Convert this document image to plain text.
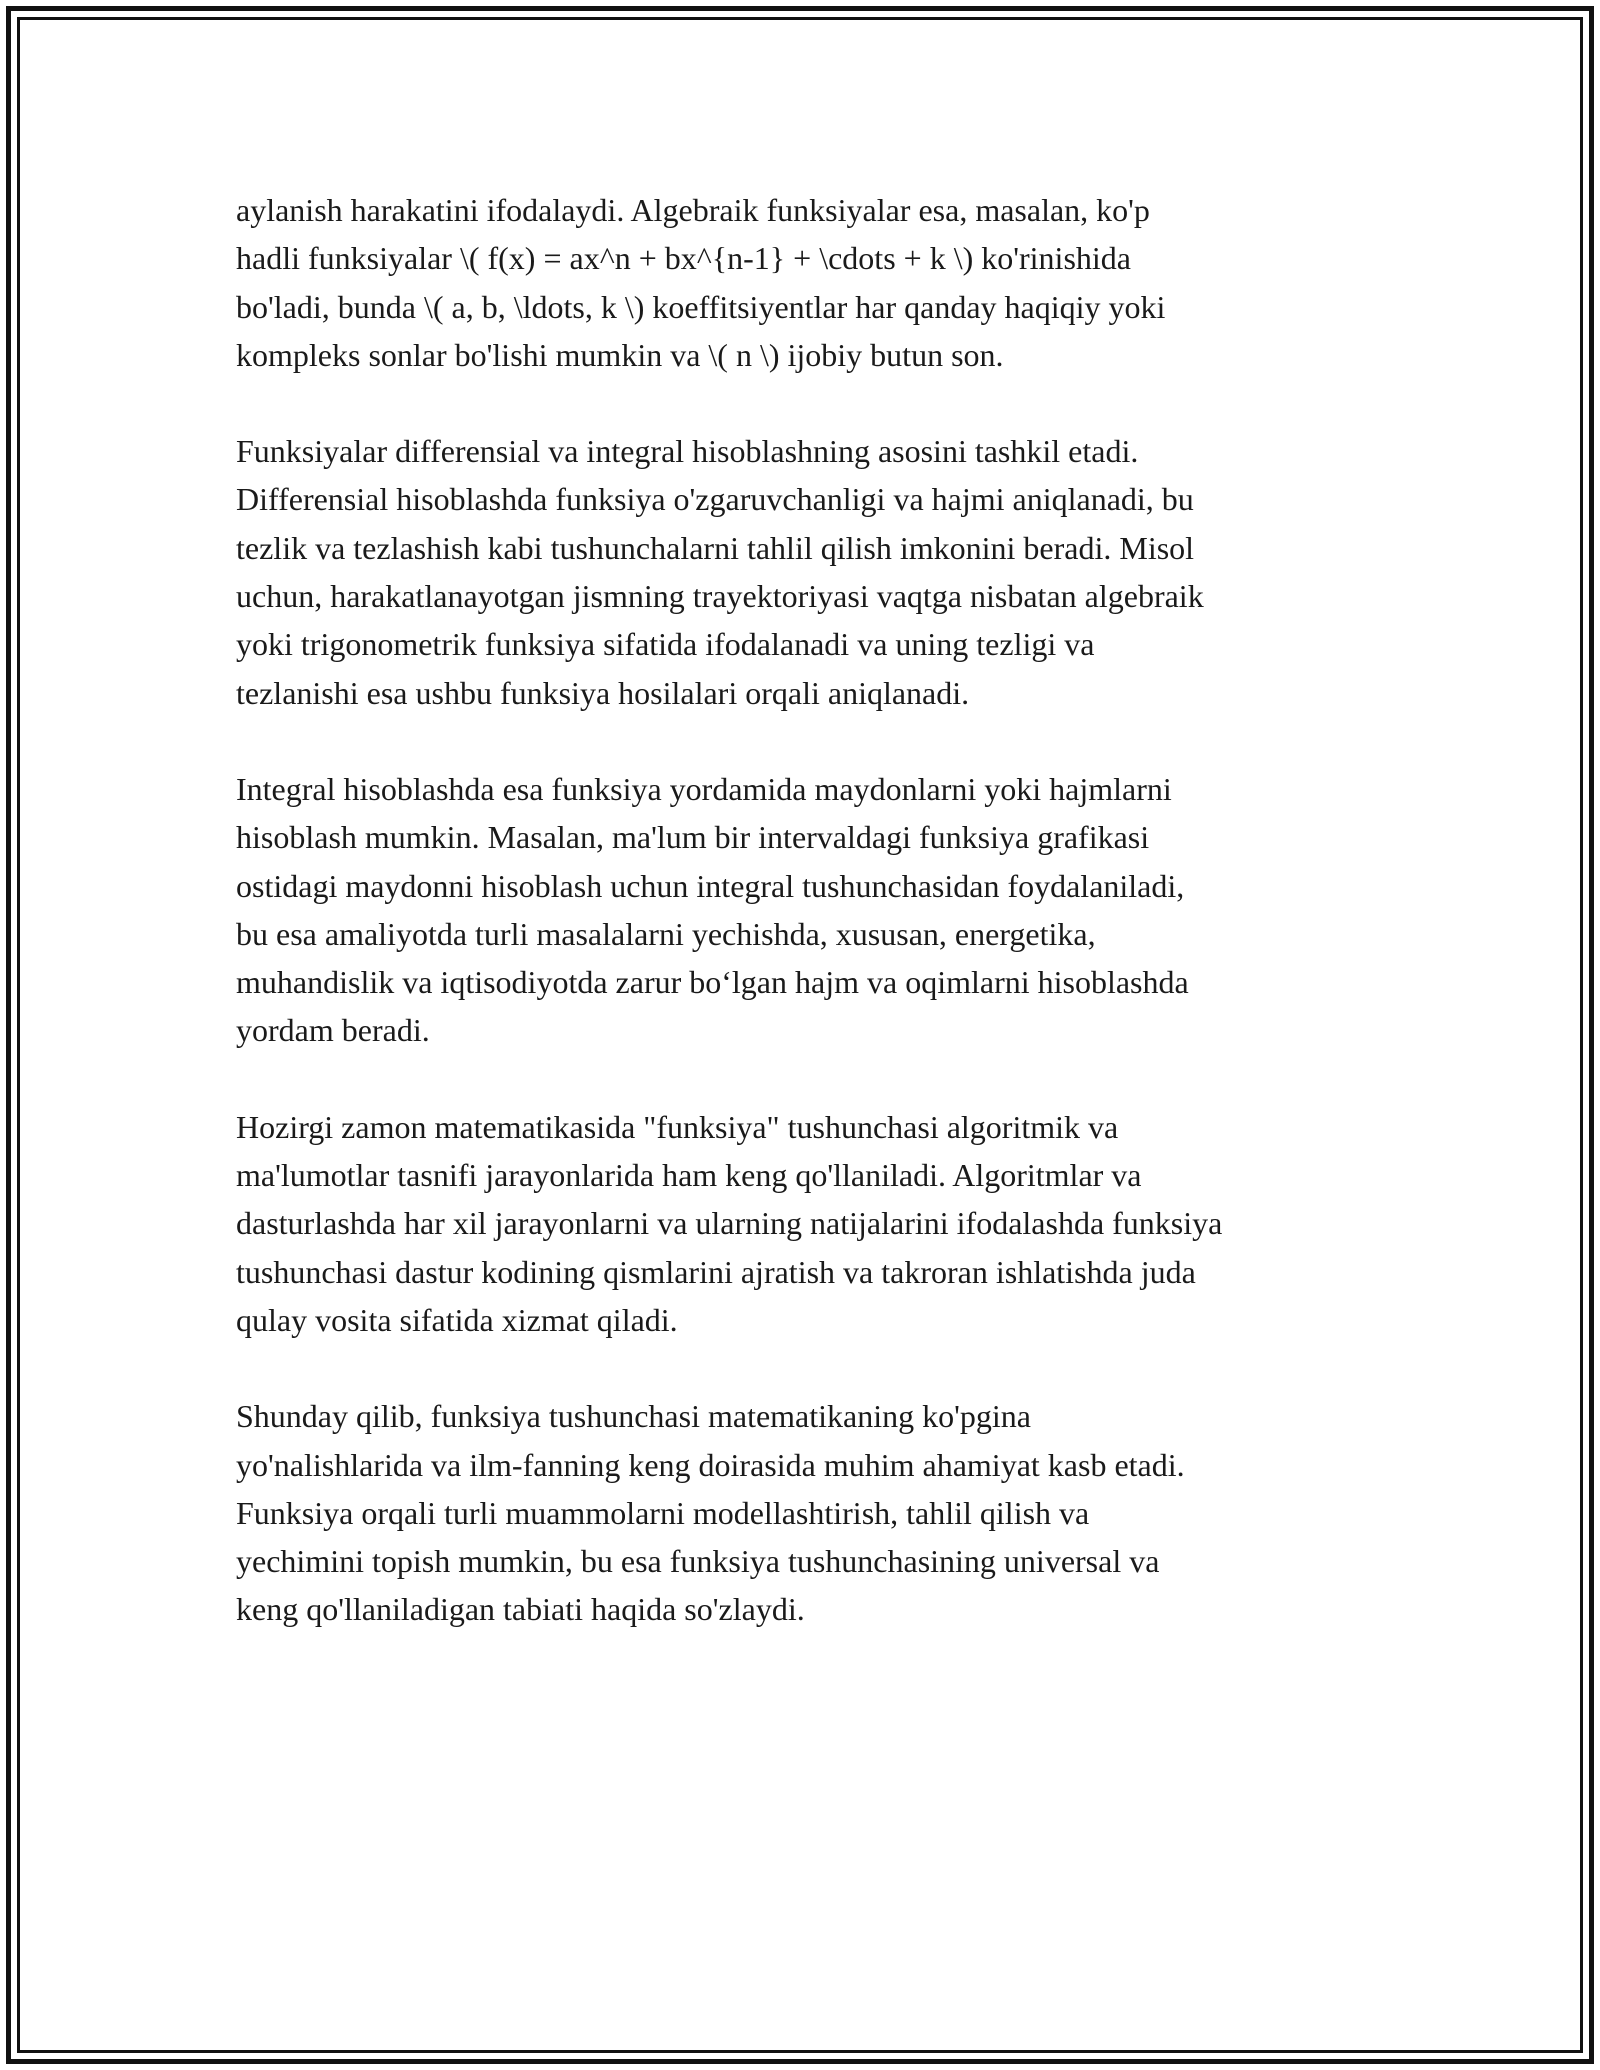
aylanish harakatini ifodalaydi. Algebraik funksiyalar esa, masalan, ko'p
hadli funksiyalar \( f(x) = ax^n + bx^{n-1} + \cdots + k \) ko'rinishida
bo'ladi, bunda \( a, b, \ldots, k \) koeffitsiyentlar har qanday haqiqiy yoki
kompleks sonlar bo'lishi mumkin va \( n \) ijobiy butun son.

Funksiyalar differensial va integral hisoblashning asosini tashkil etadi.
Differensial hisoblashda funksiya o'zgaruvchanligi va hajmi aniqlanadi, bu
tezlik va tezlashish kabi tushunchalarni tahlil qilish imkonini beradi. Misol
uchun, harakatlanayotgan jismning trayektoriyasi vaqtga nisbatan algebraik
yoki trigonometrik funksiya sifatida ifodalanadi va uning tezligi va
tezlanishi esa ushbu funksiya hosilalari orqali aniqlanadi.

Integral hisoblashda esa funksiya yordamida maydonlarni yoki hajmlarni
hisoblash mumkin. Masalan, ma'lum bir intervaldagi funksiya grafikasi
ostidagi maydonni hisoblash uchun integral tushunchasidan foydalaniladi,
bu esa amaliyotda turli masalalarni yechishda, xususan, energetika,
muhandislik va iqtisodiyotda zarur bo‘lgan hajm va oqimlarni hisoblashda
yordam beradi.

Hozirgi zamon matematikasida "funksiya" tushunchasi algoritmik va
ma'lumotlar tasnifi jarayonlarida ham keng qo'llaniladi. Algoritmlar va
dasturlashda har xil jarayonlarni va ularning natijalarini ifodalashda funksiya
tushunchasi dastur kodining qismlarini ajratish va takroran ishlatishda juda
qulay vosita sifatida xizmat qiladi.

Shunday qilib, funksiya tushunchasi matematikaning ko'pgina
yo'nalishlarida va ilm-fanning keng doirasida muhim ahamiyat kasb etadi.
Funksiya orqali turli muammolarni modellashtirish, tahlil qilish va
yechimini topish mumkin, bu esa funksiya tushunchasining universal va
keng qo'llaniladigan tabiati haqida so'zlaydi.
